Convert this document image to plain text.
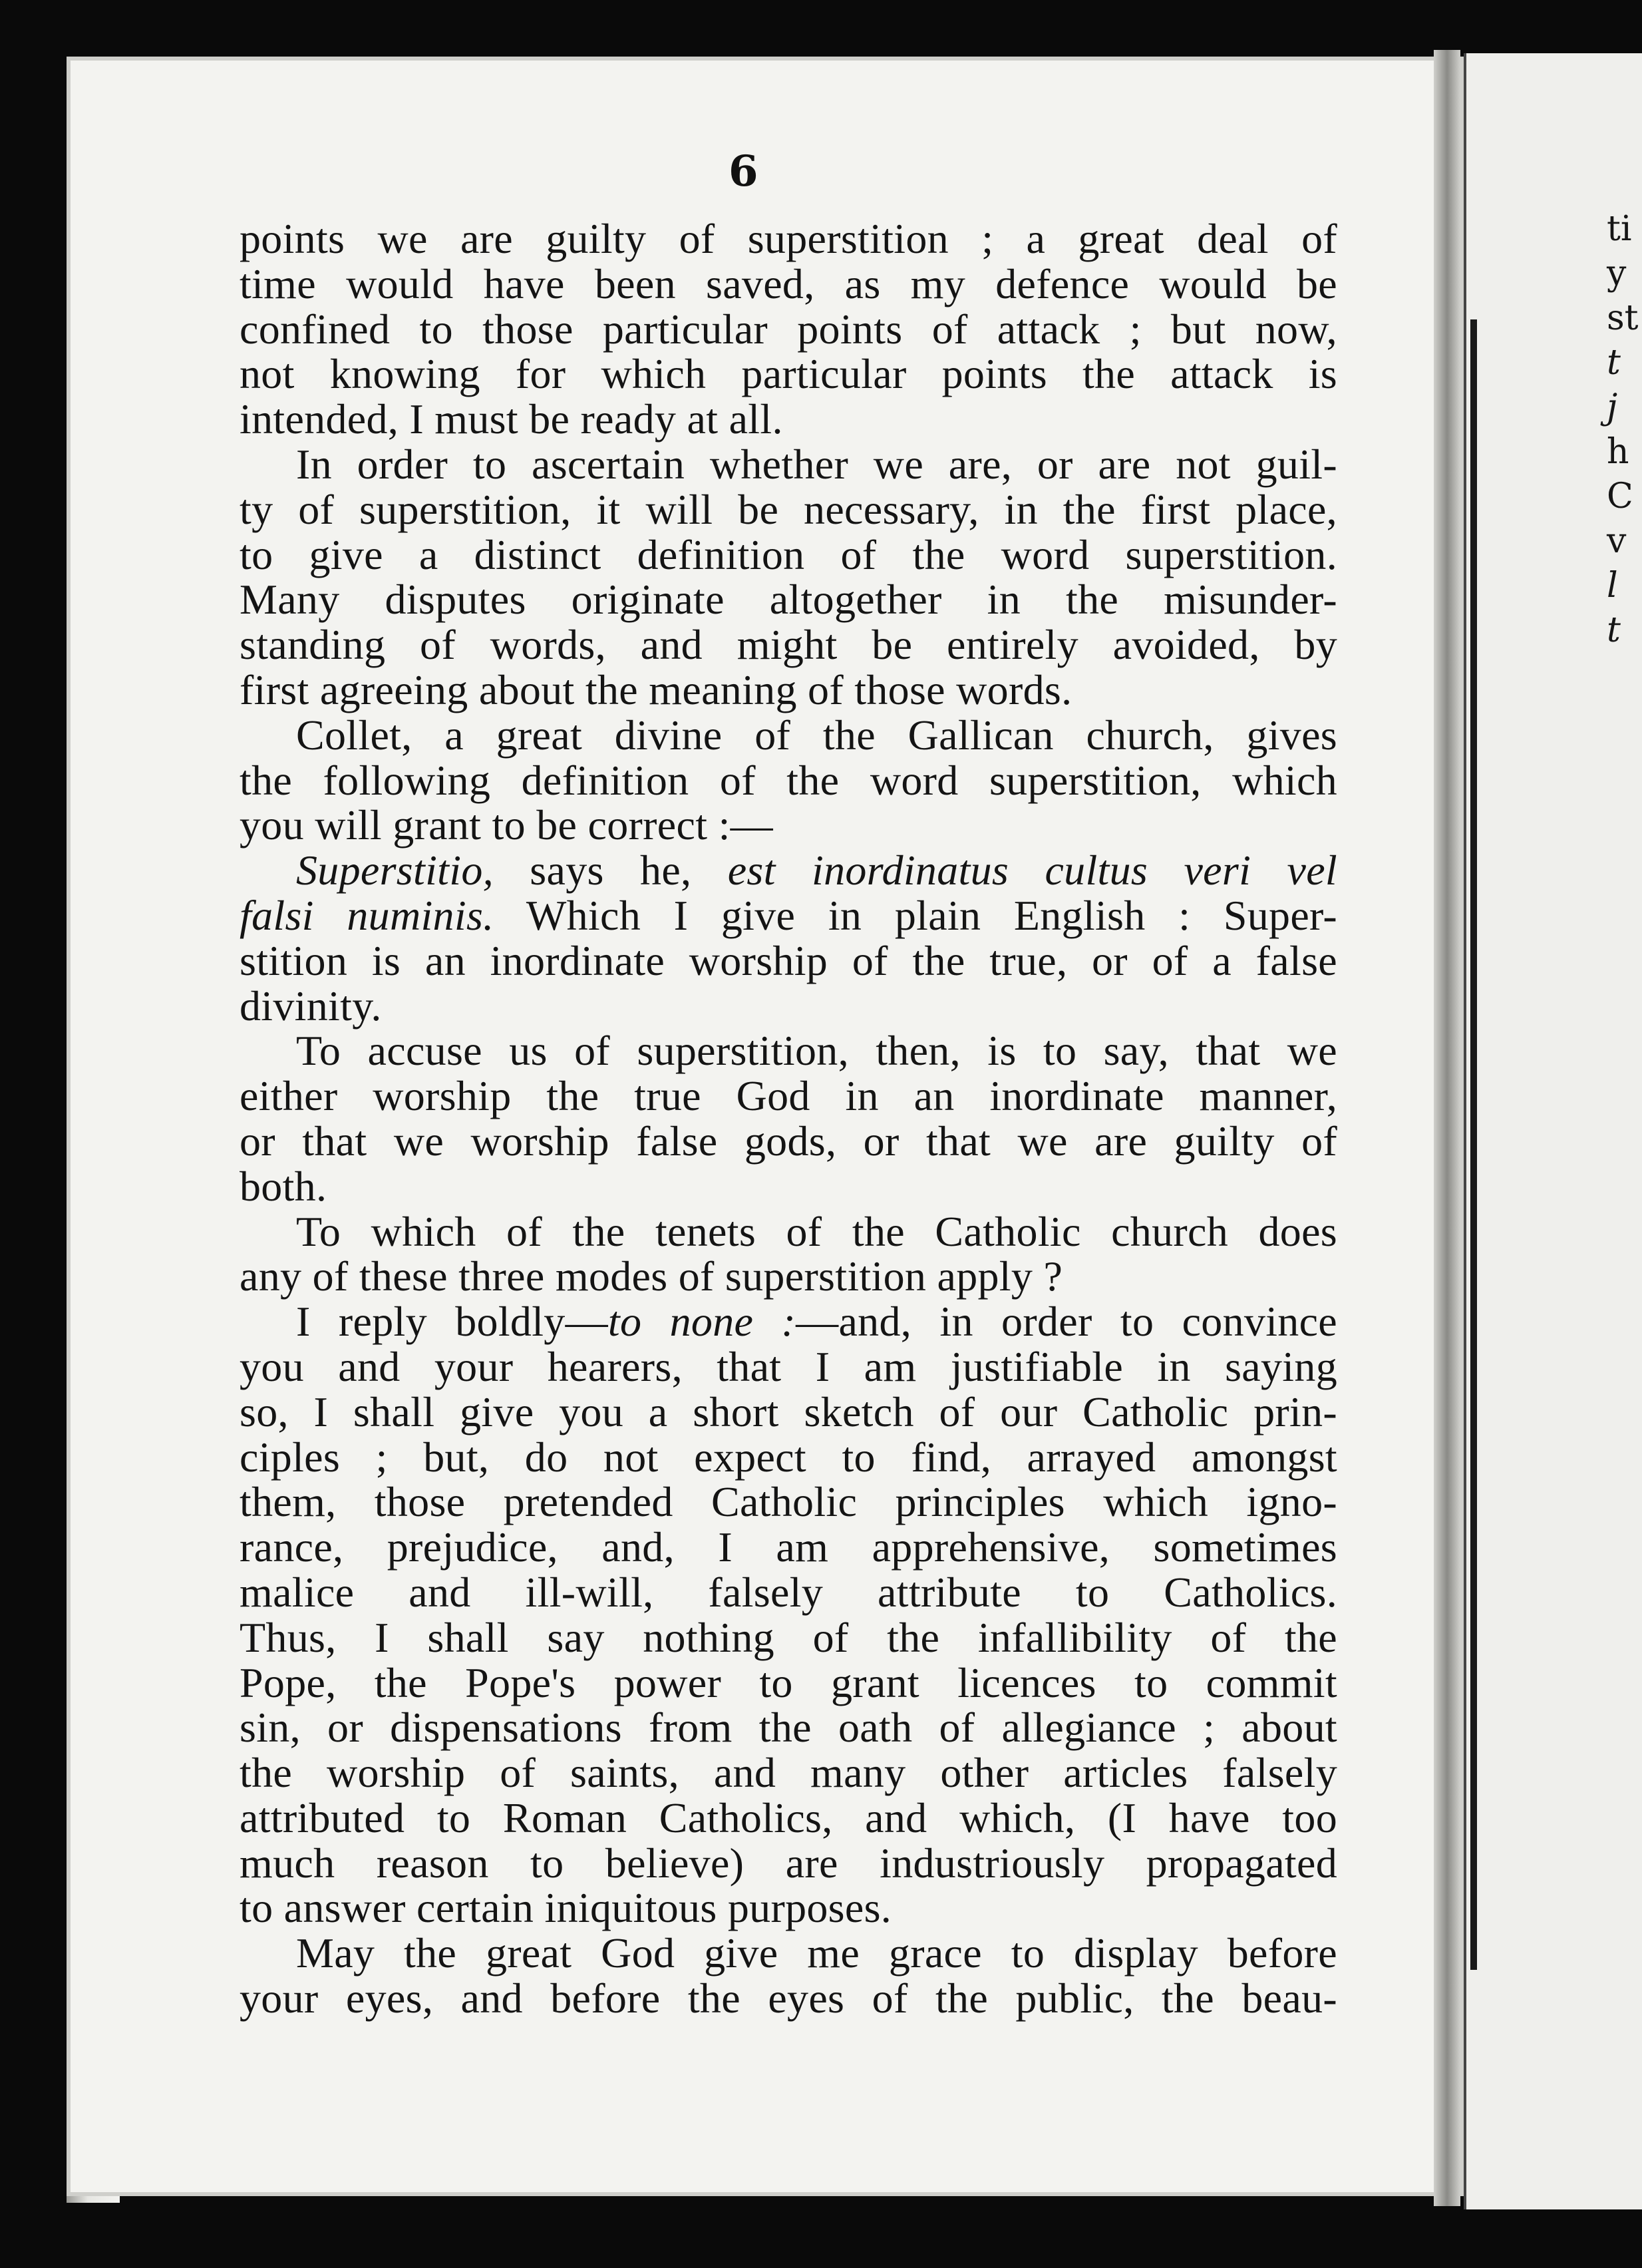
ti
y
st
t
j
h
C
v
l
t
6

points we are guilty of superstition ; a great deal of
time would have been saved, as my defence would be
confined to those particular points of attack ; but now,
not knowing for which particular points the attack is
intended, I must be ready at all.

In order to ascertain whether we are, or are not guil-
ty of superstition, it will be necessary, in the first place,
to give a distinct definition of the word superstition.
Many disputes originate altogether in the misunder-
standing of words, and might be entirely avoided, by
first agreeing about the meaning of those words.

Collet, a great divine of the Gallican church, gives
the following definition of the word superstition, which
you will grant to be correct :—

Superstitio, says he, est inordinatus cultus veri vel
falsi numinis. Which I give in plain English : Super-
stition is an inordinate worship of the true, or of a false
divinity.

To accuse us of superstition, then, is to say, that we
either worship the true God in an inordinate manner,
or that we worship false gods, or that we are guilty of
both.

To which of the tenets of the Catholic church does
any of these three modes of superstition apply ?

I reply boldly—to none :—and, in order to convince
you and your hearers, that I am justifiable in saying
so, I shall give you a short sketch of our Catholic prin-
ciples ; but, do not expect to find, arrayed amongst
them, those pretended Catholic principles which igno-
rance, prejudice, and, I am apprehensive, sometimes
malice and ill-will, falsely attribute to Catholics.
Thus, I shall say nothing of the infallibility of the
Pope, the Pope's power to grant licences to commit
sin, or dispensations from the oath of allegiance ; about
the worship of saints, and many other articles falsely
attributed to Roman Catholics, and which, (I have too
much reason to believe) are industriously propagated
to answer certain iniquitous purposes.

May the great God give me grace to display before
your eyes, and before the eyes of the public, the beau-
